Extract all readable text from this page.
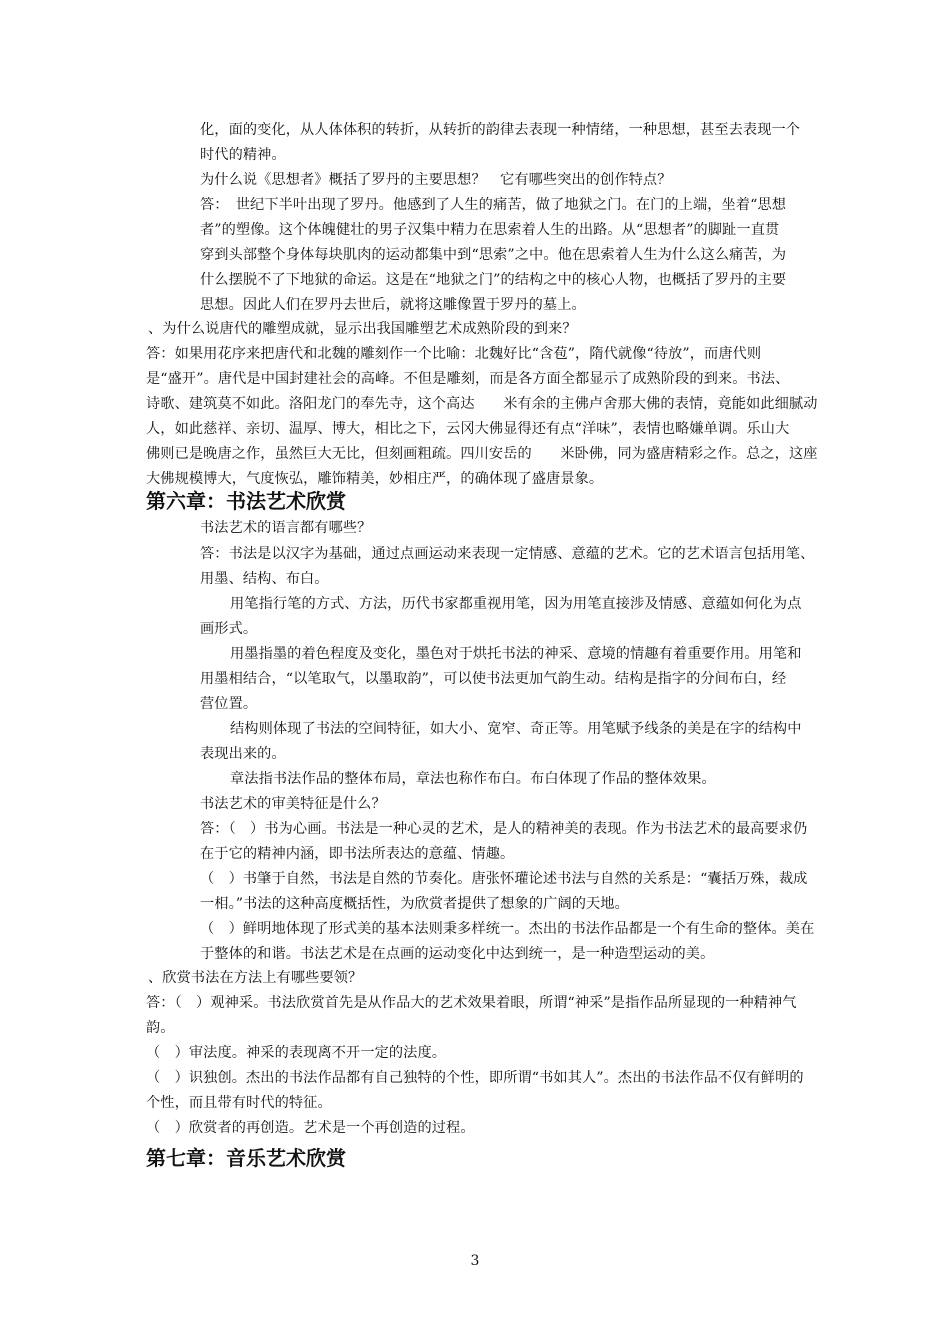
化，面的变化，从人体体积的转折，从转折的韵律去表现一种情绪，一种思想，甚至去表现一个
时代的精神。
为什么说《思想者》概括了罗丹的主要思想？　它有哪些突出的创作特点？
答：　世纪下半叶出现了罗丹。他感到了人生的痛苦，做了地狱之门。在门的上端，坐着“思想
者”的塑像。这个体魄健壮的男子汉集中精力在思索着人生的出路。从“思想者”的脚趾一直贯
穿到头部整个身体每块肌肉的运动都集中到“思索”之中。他在思索着人生为什么这么痛苦，为
什么摆脱不了下地狱的命运。这是在“地狱之门”的结构之中的核心人物，也概括了罗丹的主要
思想。因此人们在罗丹去世后，就将这雕像置于罗丹的墓上。
、为什么说唐代的雕塑成就，显示出我国雕塑艺术成熟阶段的到来？
答：如果用花序来把唐代和北魏的雕刻作一个比喻：北魏好比“含苞”，隋代就像“待放”，而唐代则
是“盛开”。唐代是中国封建社会的高峰。不但是雕刻，而是各方面全都显示了成熟阶段的到来。书法、
诗歌、建筑莫不如此。洛阳龙门的奉先寺，这个高达　　米有余的主佛卢舍那大佛的表情，竟能如此细腻动
人，如此慈祥、亲切、温厚、博大，相比之下，云冈大佛显得还有点“洋味”，表情也略嫌单调。乐山大
佛则已是晚唐之作，虽然巨大无比，但刻画粗疏。四川安岳的　　米卧佛，同为盛唐精彩之作。总之，这座
大佛规模博大，气度恢弘，雕饰精美，妙相庄严，的确体现了盛唐景象。
第六章：书法艺术欣赏
书法艺术的语言都有哪些？
答：书法是以汉字为基础，通过点画运动来表现一定情感、意蕴的艺术。它的艺术语言包括用笔、
用墨、结构、布白。
用笔指行笔的方式、方法，历代书家都重视用笔，因为用笔直接涉及情感、意蕴如何化为点
画形式。
用墨指墨的着色程度及变化，墨色对于烘托书法的神采、意境的情趣有着重要作用。用笔和
用墨相结合，“以笔取气，以墨取韵”，可以使书法更加气韵生动。结构是指字的分间布白，经
营位置。
结构则体现了书法的空间特征，如大小、宽窄、奇正等。用笔赋予线条的美是在字的结构中
表现出来的。
章法指书法作品的整体布局，章法也称作布白。布白体现了作品的整体效果。
书法艺术的审美特征是什么？
答：（　）书为心画。书法是一种心灵的艺术，是人的精神美的表现。作为书法艺术的最高要求仍
在于它的精神内涵，即书法所表达的意蕴、情趣。
（　）书肇于自然，书法是自然的节奏化。唐张怀瓘论述书法与自然的关系是：“囊括万殊，裁成
一相。”书法的这种高度概括性，为欣赏者提供了想象的广阔的天地。
（　）鲜明地体现了形式美的基本法则秉多样统一。杰出的书法作品都是一个有生命的整体。美在
于整体的和谐。书法艺术是在点画的运动变化中达到统一，是一种造型运动的美。
、欣赏书法在方法上有哪些要领？
答：（　）观神采。书法欣赏首先是从作品大的艺术效果着眼，所谓“神采”是指作品所显现的一种精神气
韵。
（　）审法度。神采的表现离不开一定的法度。
（　）识独创。杰出的书法作品都有自己独特的个性，即所谓“书如其人”。杰出的书法作品不仅有鲜明的
个性，而且带有时代的特征。
（　）欣赏者的再创造。艺术是一个再创造的过程。
第七章：音乐艺术欣赏
3
